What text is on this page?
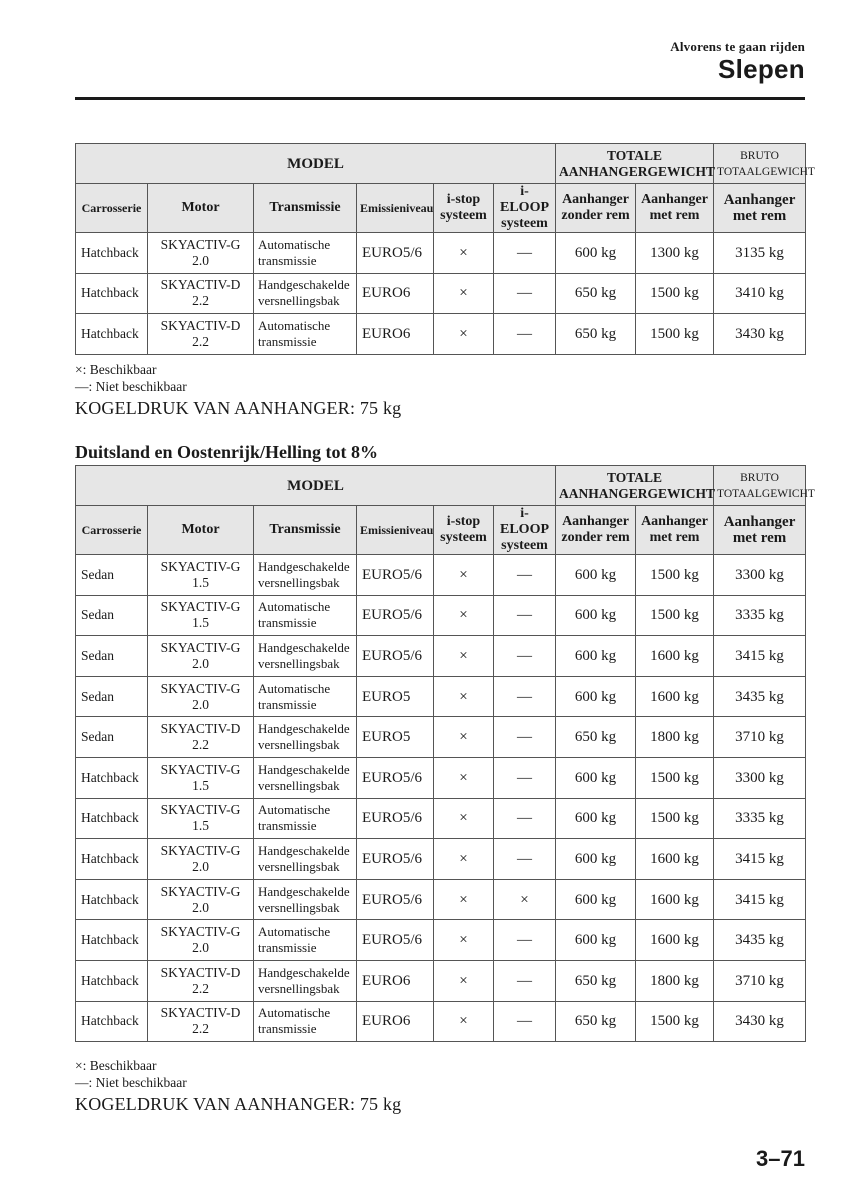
Alvorens te gaan rijden
Slepen
MODEL						TOTALE AANHANGERGEWICHT		BRUTO TOTAALGEWICHT
Carrosserie	Motor	Transmissie	Emissieniveau	i-stop systeem	i-ELOOP systeem	Aanhanger zonder rem	Aanhanger met rem	Aanhanger met rem
Hatchback	SKYACTIV-G 2.0	Automatische transmissie	EURO5/6	×	—	600 kg	1300 kg	3135 kg
Hatchback	SKYACTIV-D 2.2	Handgeschakelde versnellingsbak	EURO6	×	—	650 kg	1500 kg	3410 kg
Hatchback	SKYACTIV-D 2.2	Automatische transmissie	EURO6	×	—	650 kg	1500 kg	3430 kg
×: Beschikbaar
—: Niet beschikbaar
KOGELDRUK VAN AANHANGER: 75 kg
Duitsland en Oostenrijk/Helling tot 8%
MODEL						TOTALE AANHANGERGEWICHT		BRUTO TOTAALGEWICHT
Carrosserie	Motor	Transmissie	Emissieniveau	i-stop systeem	i-ELOOP systeem	Aanhanger zonder rem	Aanhanger met rem	Aanhanger met rem
Sedan	SKYACTIV-G 1.5	Handgeschakelde versnellingsbak	EURO5/6	×	—	600 kg	1500 kg	3300 kg
Sedan	SKYACTIV-G 1.5	Automatische transmissie	EURO5/6	×	—	600 kg	1500 kg	3335 kg
Sedan	SKYACTIV-G 2.0	Handgeschakelde versnellingsbak	EURO5/6	×	—	600 kg	1600 kg	3415 kg
Sedan	SKYACTIV-G 2.0	Automatische transmissie	EURO5	×	—	600 kg	1600 kg	3435 kg
Sedan	SKYACTIV-D 2.2	Handgeschakelde versnellingsbak	EURO5	×	—	650 kg	1800 kg	3710 kg
Hatchback	SKYACTIV-G 1.5	Handgeschakelde versnellingsbak	EURO5/6	×	—	600 kg	1500 kg	3300 kg
Hatchback	SKYACTIV-G 1.5	Automatische transmissie	EURO5/6	×	—	600 kg	1500 kg	3335 kg
Hatchback	SKYACTIV-G 2.0	Handgeschakelde versnellingsbak	EURO5/6	×	—	600 kg	1600 kg	3415 kg
Hatchback	SKYACTIV-G 2.0	Handgeschakelde versnellingsbak	EURO5/6	×	×	600 kg	1600 kg	3415 kg
Hatchback	SKYACTIV-G 2.0	Automatische transmissie	EURO5/6	×	—	600 kg	1600 kg	3435 kg
Hatchback	SKYACTIV-D 2.2	Handgeschakelde versnellingsbak	EURO6	×	—	650 kg	1800 kg	3710 kg
Hatchback	SKYACTIV-D 2.2	Automatische transmissie	EURO6	×	—	650 kg	1500 kg	3430 kg
×: Beschikbaar
—: Niet beschikbaar
KOGELDRUK VAN AANHANGER: 75 kg
3–71
